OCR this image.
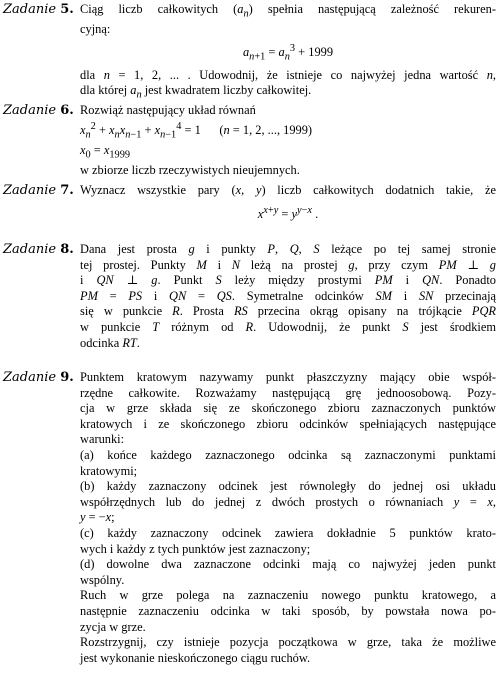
Zadanie 5. Ciąg liczb całkowitych $(a_n)$ spełnia następującą zależność rekuren-
cyjną:
$a_{n+1} = a_n^3 + 1999$
dla n = 1, 2, ... . Udowodnij, że istnieje co najwyżej jedna wartość n,
dla której $a_n$ jest kwadratem liczby całkowitej.
Zadanie 6. Rozwiąż następujący układ równań
$x_n^2 + x_nx_{n-1} + x_{n-1}^4 = 1$      (n = 1, 2, ..., 1999)
$x_0 = x_{1999}$
w zbiorze liczb rzeczywistych nieujemnych.
Zadanie 7. Wyznacz wszystkie pary (x, y) liczb całkowitych dodatnich takie, że
$x^{x+y} = y^{y-x}$ .
Zadanie 8. Dana jest prosta g i punkty P, Q, S leżące po tej samej stronie
tej prostej. Punkty M i N leżą na prostej g, przy czym PM ⊥ g
i QN ⊥ g. Punkt S leży między prostymi PM i QN. Ponadto
PM = PS i QN = QS. Symetralne odcinków SM i SN przecinają
się w punkcie R. Prosta RS przecina okrąg opisany na trójkącie PQR
w punkcie T różnym od R. Udowodnij, że punkt S jest środkiem
odcinka RT.
Zadanie 9. Punktem kratowym nazywamy punkt płaszczyzny mający obie współ-
rzędne całkowite. Rozważamy następującą grę jednoosobową. Pozy-
cja w grze składa się ze skończonego zbioru zaznaczonych punktów
kratowych i ze skończonego zbioru odcinków spełniających następujące
warunki:
(a) końce każdego zaznaczonego odcinka są zaznaczonymi punktami
kratowymi;
(b) każdy zaznaczony odcinek jest równoległy do jednej osi układu
współrzędnych lub do jednej z dwóch prostych o równaniach y = x,
y = −x;
(c) każdy zaznaczony odcinek zawiera dokładnie 5 punktów krato-
wych i każdy z tych punktów jest zaznaczony;
(d) dowolne dwa zaznaczone odcinki mają co najwyżej jeden punkt
wspólny.
Ruch w grze polega na zaznaczeniu nowego punktu kratowego, a
następnie zaznaczeniu odcinka w taki sposób, by powstała nowa po-
zycja w grze.
Rozstrzygnij, czy istnieje pozycja początkowa w grze, taka że możliwe
jest wykonanie nieskończonego ciągu ruchów.
